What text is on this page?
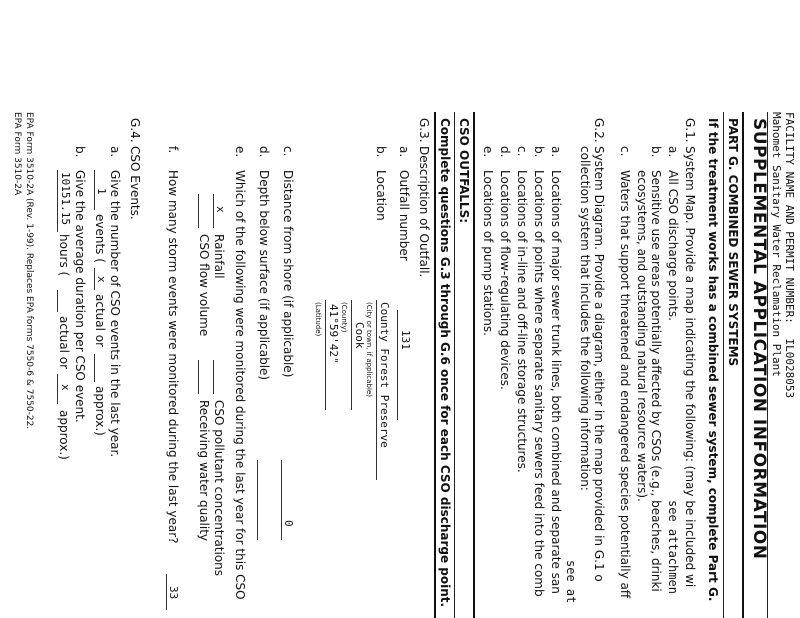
FACILITY NAME AND PERMIT NUMBER: IL0028053
Mahomet Sanitary Water Reclamation Plant
SUPPLEMENTAL APPLICATION INFORMATION
PART G. COMBINED SEWER SYSTEMS
If the treatment works has a combined sewer system, complete Part G.
G.1.
System Map. Provide a map indicating the following: (may be included wi
a.
All CSO discharge points.
see attachmen
b.
Sensitive use areas potentially affected by CSOs (e.g., beaches, drinki
ecosystems, and outstanding natural resource waters).
c.
Waters that support threatened and endangered species potentially aff
G.2.
System Diagram. Provide a diagram, either in the map provided in G.1 o
collection system that includes the following information:
see at
a.
Locations of major sewer trunk lines, both combined and separate san
b.
Locations of points where separate sanitary sewers feed into the comb
c.
Locations of in-line and off-line storage structures.
d.
Locations of flow-regulating devices.
e.
Locations of pump stations.
CSO OUTFALLS:
Complete questions G.3 through G.6 once for each CSO discharge point.
G.3.
Description of Outfall.
a.
Outfall number
131
b.
Location
County Forest Preserve
(City or town, if applicable)
Cook
(County)
41°59'42"
(Latitude)
c.
Distance from shore (if applicable)
0
d.
Depth below surface (if applicable)
e.
Which of the following were monitored during the last year for this CSO
x
Rainfall
CSO pollutant concentrations
CSO flow volume
Receiving water quality
f.
How many storm events were monitored during the last year?
33
G.4.
CSO Events.
a.
Give the number of CSO events in the last year.
1
events (
x
actual or
approx.)
b.
Give the average duration per CSO event.
10151.15
hours (
actual or
x
approx.)
EPA Form 3510-2A (Rev. 1-99). Replaces EPA forms 7550-6 & 7550-22.
EPA Form 3510-2A
